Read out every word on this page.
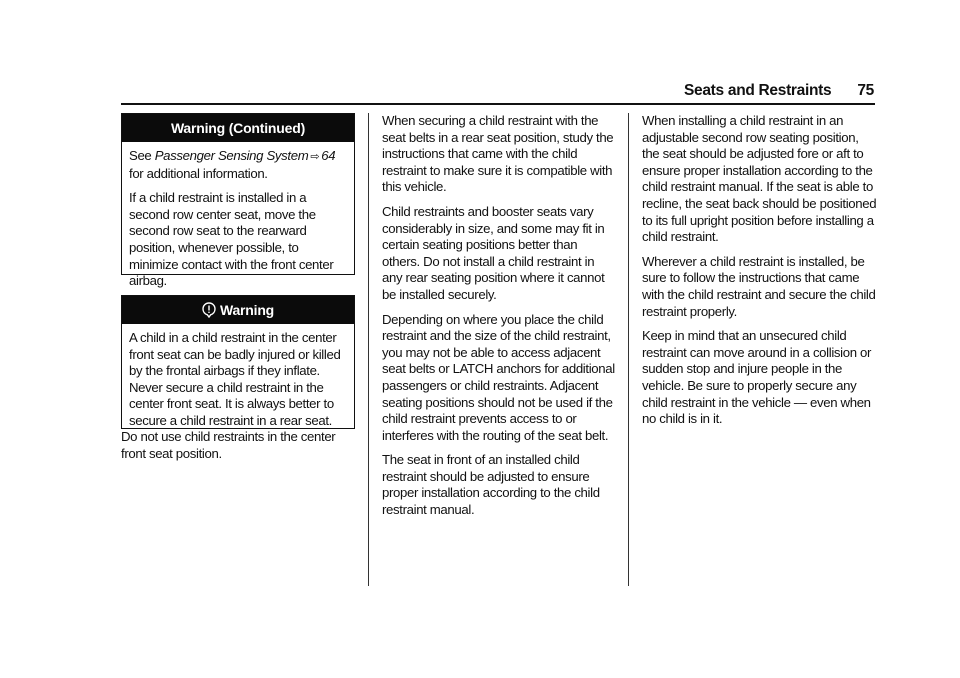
Seats and Restraints 75
Warning (Continued)

See Passenger Sensing System ⇨ 64 for additional information.

If a child restraint is installed in a second row center seat, move the second row seat to the rearward position, whenever possible, to minimize contact with the front center airbag.

Warning

A child in a child restraint in the center front seat can be badly injured or killed by the frontal airbags if they inflate. Never secure a child restraint in the center front seat. It is always better to secure a child restraint in a rear seat.

Do not use child restraints in the center front seat position.

When securing a child restraint with the seat belts in a rear seat position, study the instructions that came with the child restraint to make sure it is compatible with this vehicle.

Child restraints and booster seats vary considerably in size, and some may fit in certain seating positions better than others. Do not install a child restraint in any rear seating position where it cannot be installed securely.

Depending on where you place the child restraint and the size of the child restraint, you may not be able to access adjacent seat belts or LATCH anchors for additional passengers or child restraints. Adjacent seating positions should not be used if the child restraint prevents access to or interferes with the routing of the seat belt.

The seat in front of an installed child restraint should be adjusted to ensure proper installation according to the child restraint manual.

When installing a child restraint in an adjustable second row seating position, the seat should be adjusted fore or aft to ensure proper installation according to the child restraint manual. If the seat is able to recline, the seat back should be positioned to its full upright position before installing a child restraint.

Wherever a child restraint is installed, be sure to follow the instructions that came with the child restraint and secure the child restraint properly.

Keep in mind that an unsecured child restraint can move around in a collision or sudden stop and injure people in the vehicle. Be sure to properly secure any child restraint in the vehicle — even when no child is in it.
